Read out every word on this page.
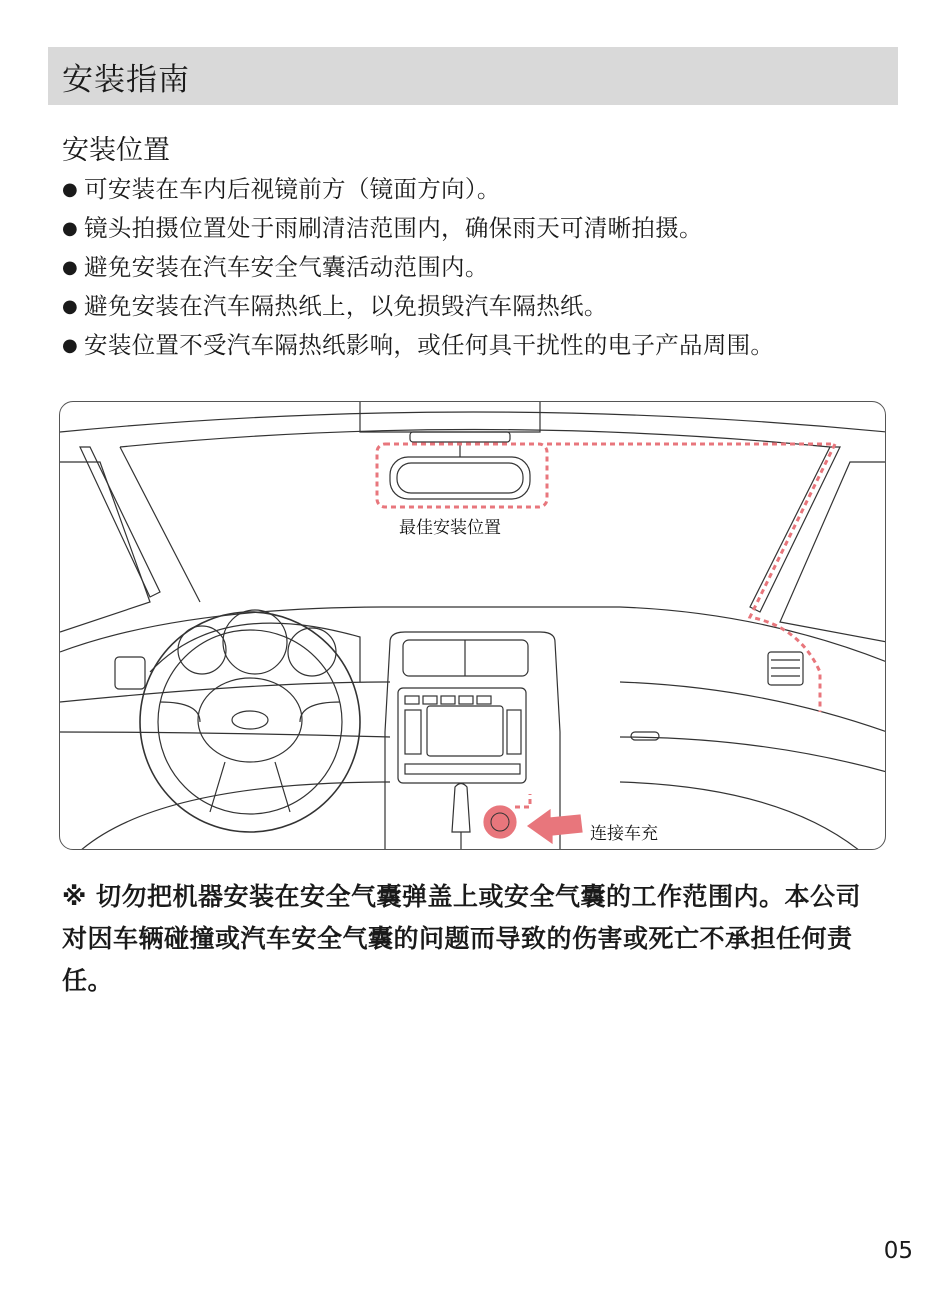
安装指南
安装位置
● 可安装在车内后视镜前方（镜面方向）。
● 镜头拍摄位置处于雨刷清洁范围内，确保雨天可清晰拍摄。
● 避免安装在汽车安全气囊活动范围内。
● 避免安装在汽车隔热纸上，以免损毁汽车隔热纸。
● 安装位置不受汽车隔热纸影响，或任何具干扰性的电子产品周围。
最佳安装位置
连接车充

※ 切勿把机器安装在安全气囊弹盖上或安全气囊的工作范围内。本公司对因车辆碰撞或汽车安全气囊的问题而导致的伤害或死亡不承担任何责任。

05
